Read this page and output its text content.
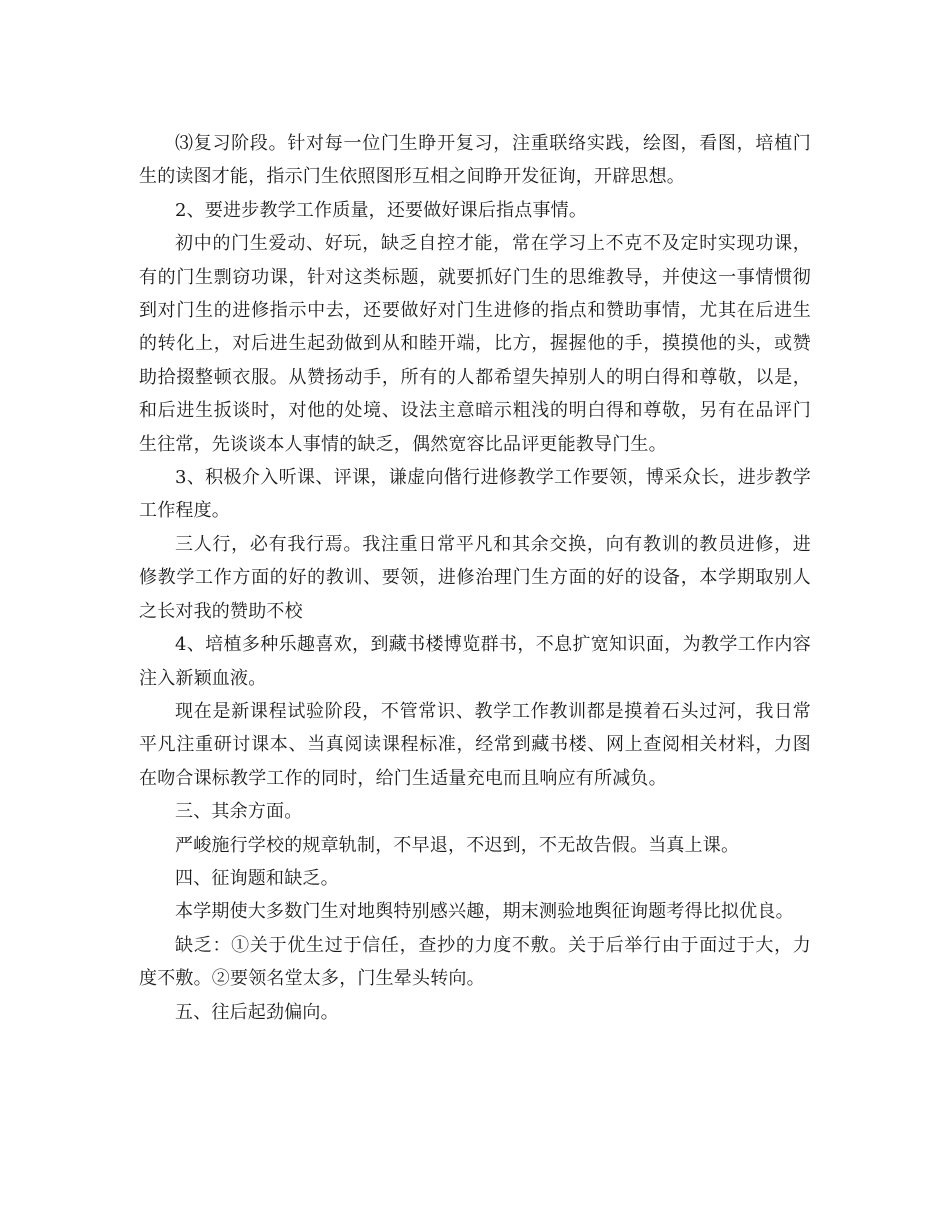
⑶复习阶段。针对每一位门生睁开复习，注重联络实践，绘图，看图，培植门生的读图才能，指示门生依照图形互相之间睁开发征询，开辟思想。

2、要进步教学工作质量，还要做好课后指点事情。

初中的门生爱动、好玩，缺乏自控才能，常在学习上不克不及定时实现功课，有的门生剽窃功课，针对这类标题，就要抓好门生的思维教导，并使这一事情惯彻到对门生的进修指示中去，还要做好对门生进修的指点和赞助事情，尤其在后进生的转化上，对后进生起劲做到从和睦开端，比方，握握他的手，摸摸他的头，或赞助拾掇整顿衣服。从赞扬动手，所有的人都希望失掉别人的明白得和尊敬，以是，和后进生扳谈时，对他的处境、设法主意暗示粗浅的明白得和尊敬，另有在品评门生往常，先谈谈本人事情的缺乏，偶然宽容比品评更能教导门生。

3、积极介入听课、评课，谦虚向偕行进修教学工作要领，博采众长，进步教学工作程度。

三人行，必有我行焉。我注重日常平凡和其余交换，向有教训的教员进修，进修教学工作方面的好的教训、要领，进修治理门生方面的好的设备，本学期取别人之长对我的赞助不校

4、培植多种乐趣喜欢，到藏书楼博览群书，不息扩宽知识面，为教学工作内容注入新颖血液。

现在是新课程试验阶段，不管常识、教学工作教训都是摸着石头过河，我日常平凡注重研讨课本、当真阅读课程标准，经常到藏书楼、网上查阅相关材料，力图在吻合课标教学工作的同时，给门生适量充电而且响应有所减负。

三、其余方面。

严峻施行学校的规章轨制，不早退，不迟到，不无故告假。当真上课。

四、征询题和缺乏。

本学期使大多数门生对地舆特别感兴趣，期末测验地舆征询题考得比拟优良。

缺乏：①关于优生过于信任，查抄的力度不敷。关于后举行由于面过于大，力度不敷。②要领名堂太多，门生晕头转向。

五、往后起劲偏向。
